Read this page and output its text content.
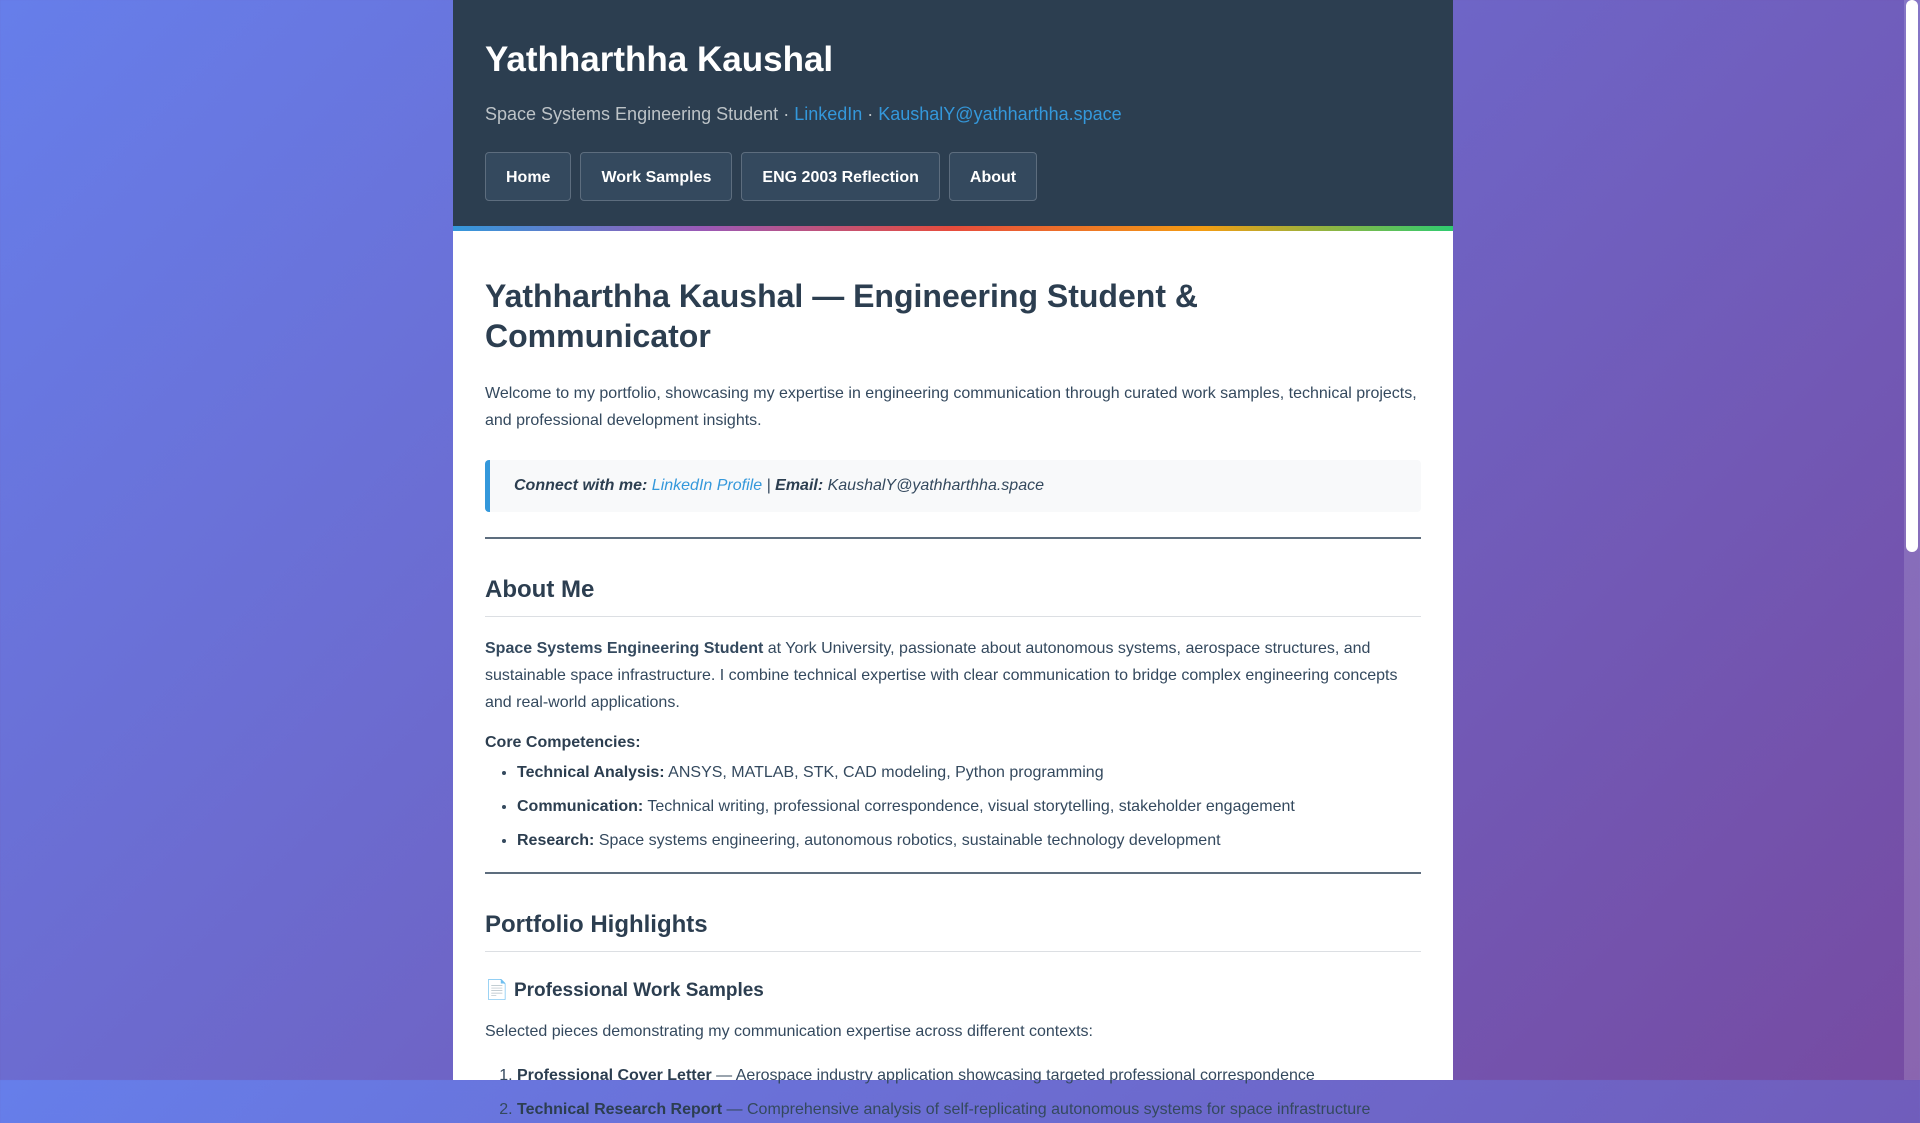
Yathharthha Kaushal
Space Systems Engineering Student · LinkedIn · KaushalY@yathharthha.space
Home	Work Samples	ENG 2003 Reflection	About
Yathharthha Kaushal — Engineering Student & Communicator

Welcome to my portfolio, showcasing my expertise in engineering communication through curated work samples, technical projects, and professional development insights.

Connect with me: LinkedIn Profile | Email: KaushalY@yathharthha.space
About Me

Space Systems Engineering Student at York University, passionate about autonomous systems, aerospace structures, and sustainable space infrastructure. I combine technical expertise with clear communication to bridge complex engineering concepts and real-world applications.

Core Competencies:
• Technical Analysis: ANSYS, MATLAB, STK, CAD modeling, Python programming
• Communication: Technical writing, professional correspondence, visual storytelling, stakeholder engagement
• Research: Space systems engineering, autonomous robotics, sustainable technology development
Portfolio Highlights
📄 Professional Work Samples

Selected pieces demonstrating my communication expertise across different contexts:

1. Professional Cover Letter — Aerospace industry application showcasing targeted professional correspondence
2. Technical Research Report — Comprehensive analysis of self-replicating autonomous systems for space infrastructure
